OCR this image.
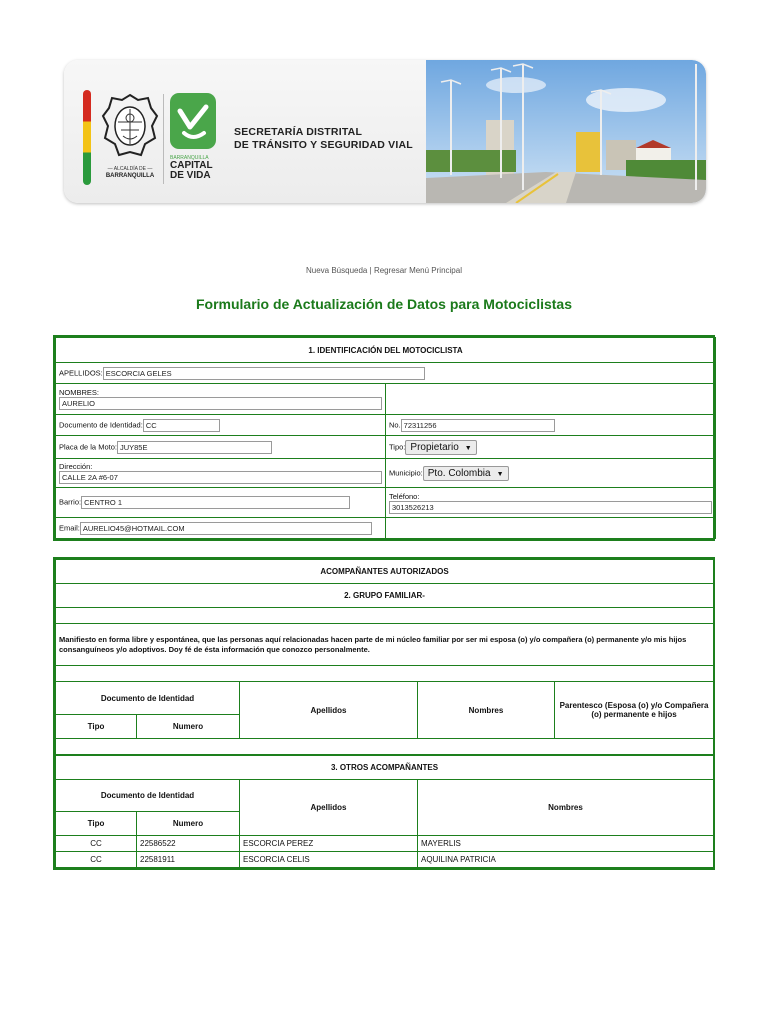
— ALCALDÍA DE —
BARRANQUILLA
BARRANQUILLA
CAPITAL
DE VIDA
SECRETARÍA DISTRITAL
DE TRÁNSITO Y SEGURIDAD VIAL
Nueva Búsqueda | Regresar Menú Principal
Formulario de Actualización de Datos para Motociclistas
1. IDENTIFICACIÓN DEL MOTOCICLISTA	
APELLIDOS: ESCORCIA GELES	

NOMBRES:
AURELIO	
Documento de Identidad: CC	No. 72311256
Placa de la Moto: JUY85E	Tipo: Propietario ▼

Dirección:
CALLE 2A #6-07	Municipio: Pto. Colombia ▼
Barrio: CENTRO 1	Teléfono:
3013526213
Email: AURELIO45@HOTMAIL.COM	
ACOMPAÑANTES AUTORIZADOS				
2. GRUPO FAMILIAR-				

Manifiesto en forma libre y espontánea, que las personas aquí relacionadas hacen parte de mi núcleo familiar por ser mi esposa (o) y/o compañera (o) permanente y/o mis hijos consanguíneos y/o adoptivos. Doy fé de ésta información que conozco personalmente.				

Documento de Identidad		Apellidos	Nombres	Parentesco (Esposa (o) y/o Compañera (o) permanente e hijos
Tipo	Numero			

3. OTROS ACOMPAÑANTES			
Documento de Identidad		Apellidos	Nombres
Tipo	Numero		
CC	22586522	ESCORCIA PEREZ	MAYERLIS
CC	22581911	ESCORCIA CELIS	AQUILINA PATRICIA
